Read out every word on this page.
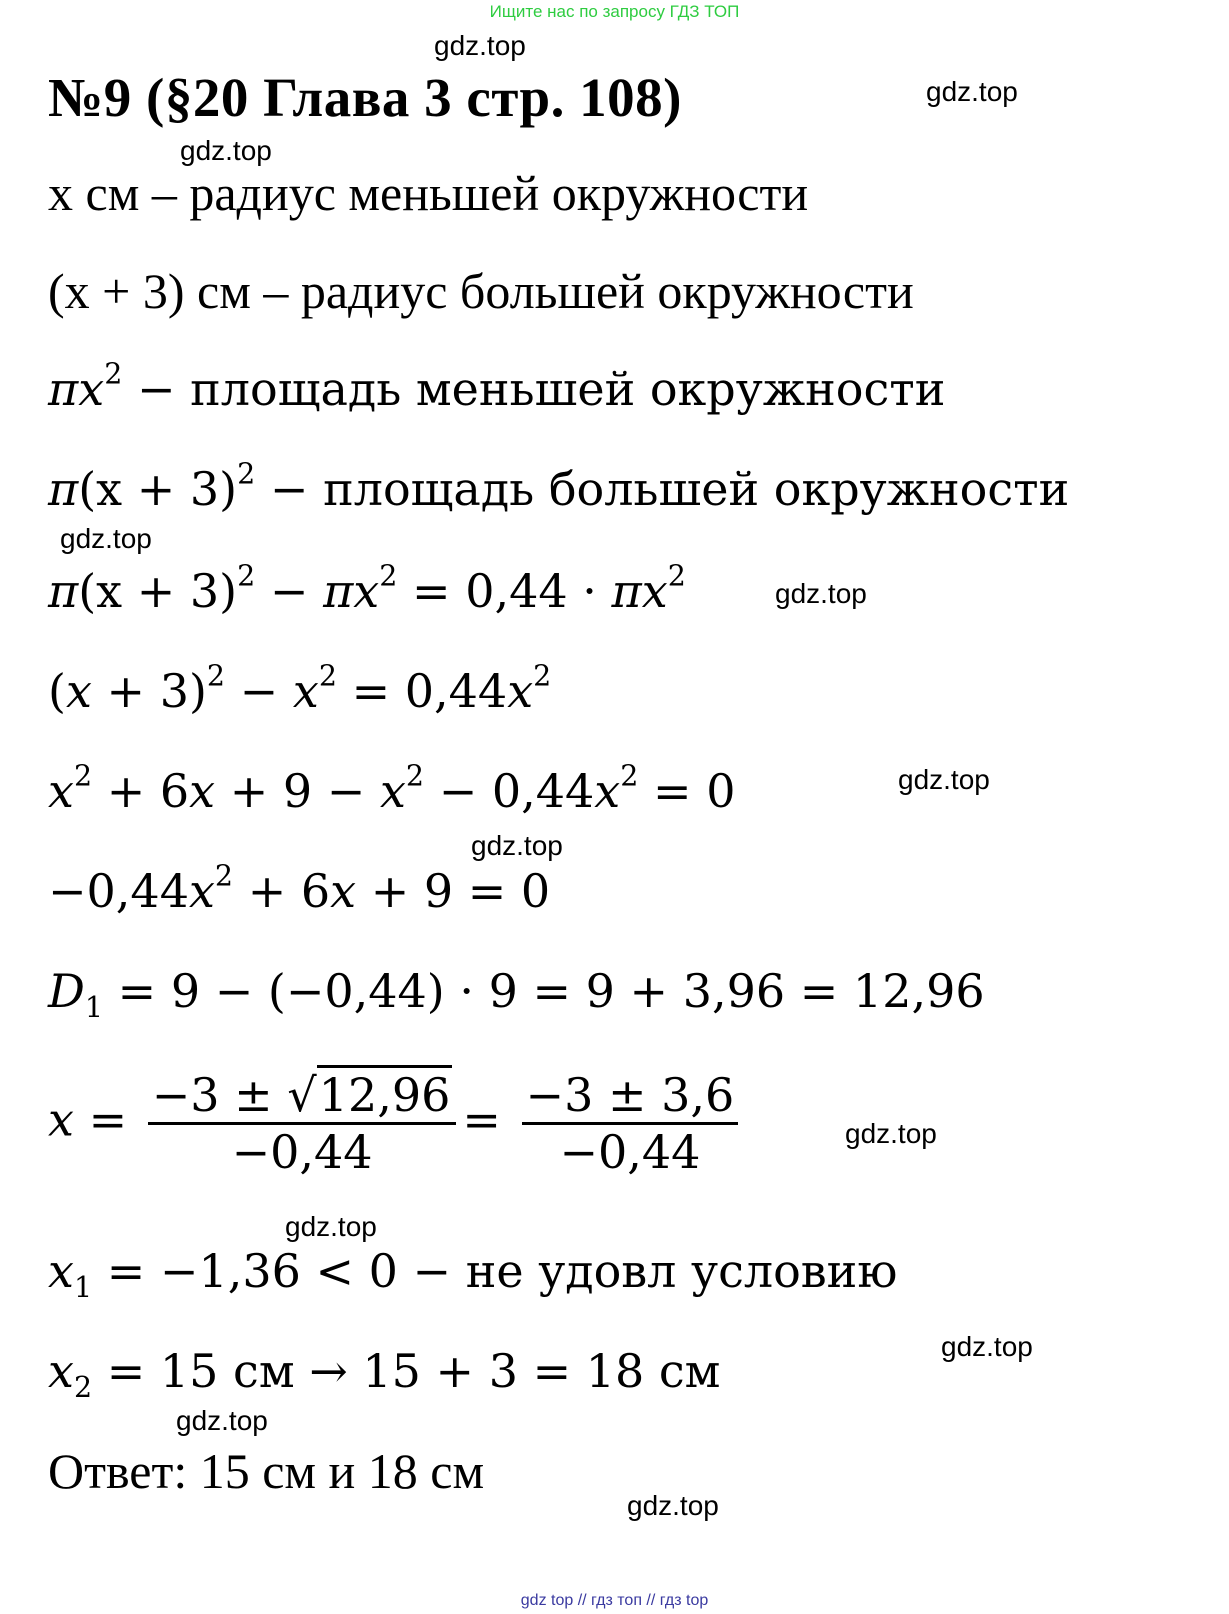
Ищите нас по запросу ГДЗ ТОП
gdz.top
gdz.top
gdz.top
gdz.top
gdz.top
gdz.top
gdz.top
gdz.top
gdz.top
gdz.top
gdz.top
gdz.top
№9 (§20 Глава 3 стр. 108)
x см – радиус меньшей окружности
(x + 3) см – радиус большей окружности
$\pi x^2$ − площадь меньшей окружности
$\pi(x + 3)^2$ − площадь большей окружности
$\pi(x + 3)^2 - \pi x^2 = 0,44 \cdot \pi x^2$
$(x + 3)^2 - x^2 = 0,44x^2$
$x^2 + 6x + 9 - x^2 - 0,44x^2 = 0$
$-0,44x^2 + 6x + 9 = 0$
$D_1 = 9 - (-0,44) \cdot 9 = 9 + 3,96 = 12,96$
$x = \frac{-3 \pm √12,96}{-0,44} = \frac{-3 \pm 3,6}{-0,44}$
$x_1 = -1,36 < 0$ − не удовл условию
$x_2 = 15$ см → 15 + 3 = 18 см
Ответ: 15 см и 18 см
gdz top // гдз топ // гдз top
